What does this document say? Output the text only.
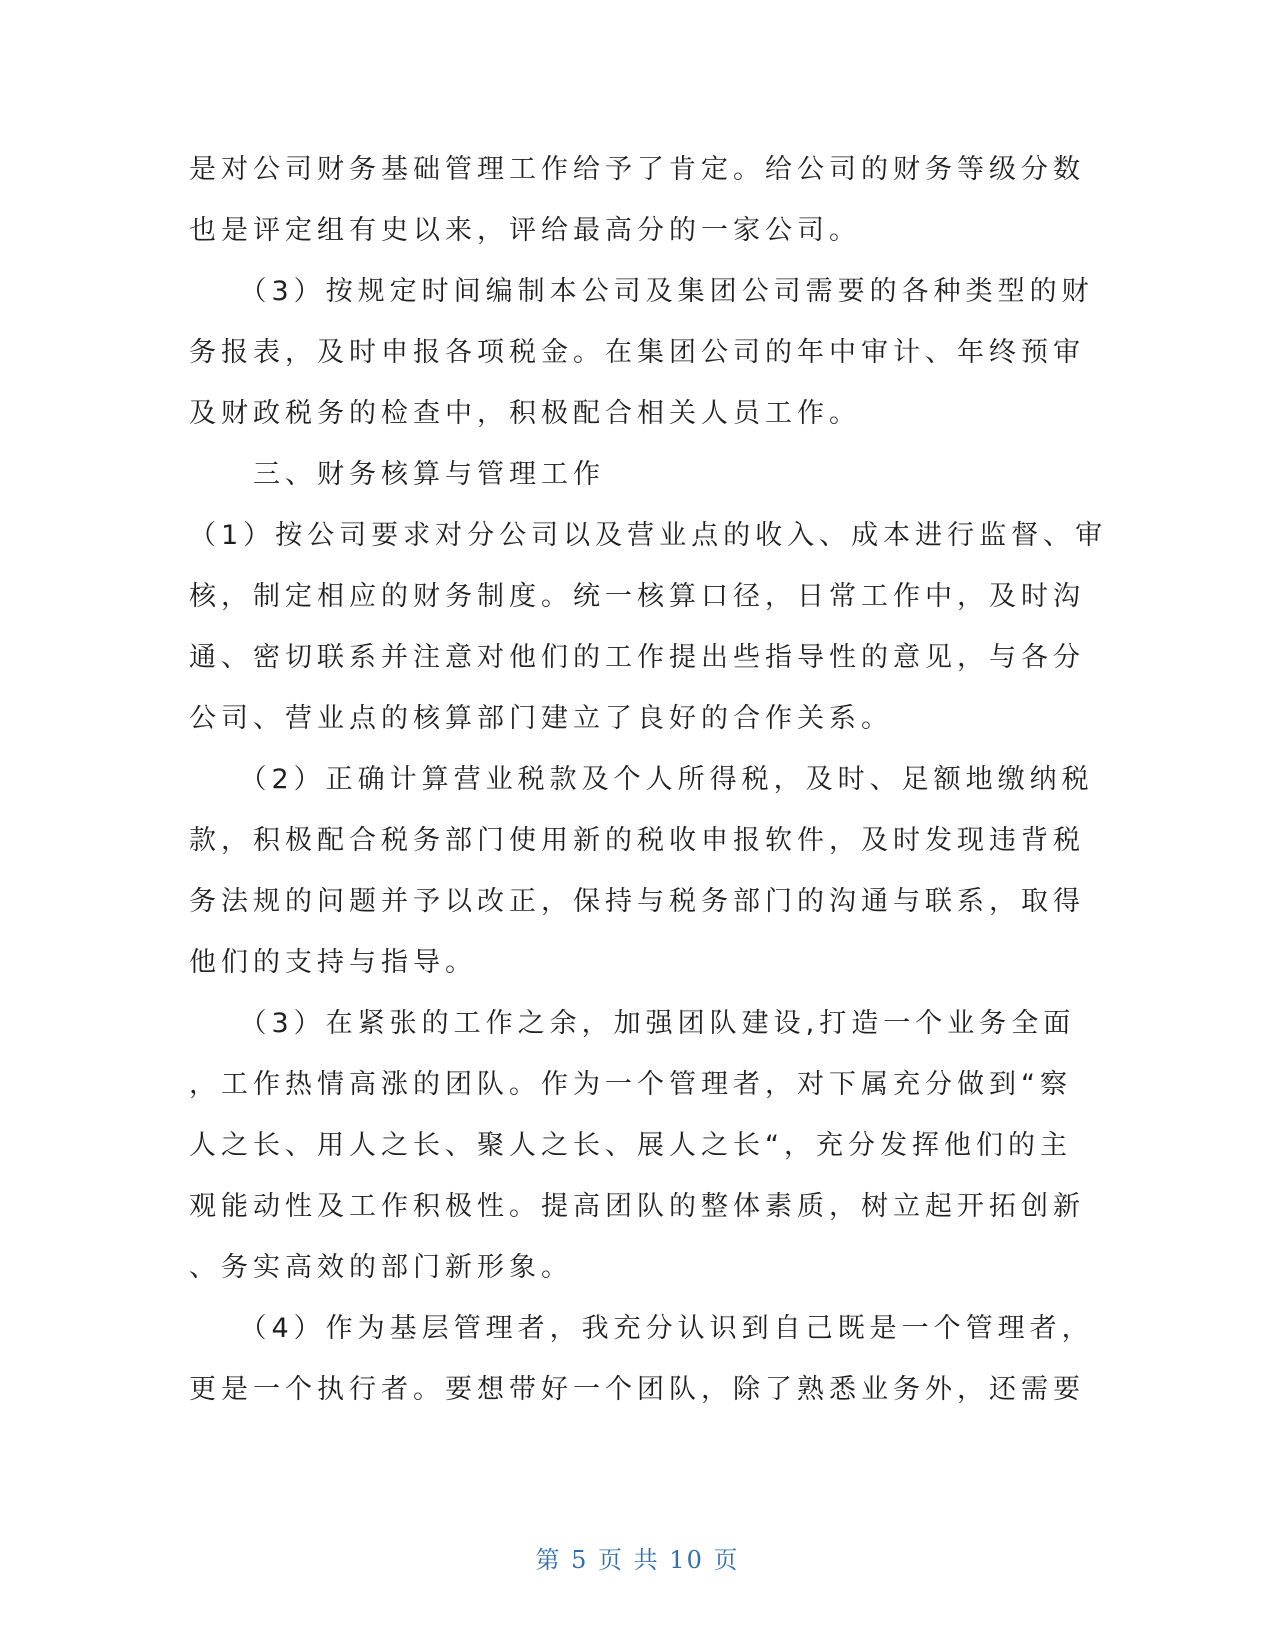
是对公司财务基础管理工作给予了肯定。给公司的财务等级分数
也是评定组有史以来，评给最高分的一家公司。
　　（3）按规定时间编制本公司及集团公司需要的各种类型的财
务报表，及时申报各项税金。在集团公司的年中审计、年终预审
及财政税务的检查中，积极配合相关人员工作。
　　三、财务核算与管理工作
（1）按公司要求对分公司以及营业点的收入、成本进行监督、审
核，制定相应的财务制度。统一核算口径，日常工作中，及时沟
通、密切联系并注意对他们的工作提出些指导性的意见，与各分
公司、营业点的核算部门建立了良好的合作关系。
　　（2）正确计算营业税款及个人所得税，及时、足额地缴纳税
款，积极配合税务部门使用新的税收申报软件，及时发现违背税
务法规的问题并予以改正，保持与税务部门的沟通与联系，取得
他们的支持与指导。
　　（3）在紧张的工作之余，加强团队建设,打造一个业务全面
，工作热情高涨的团队。作为一个管理者，对下属充分做到“察
人之长、用人之长、聚人之长、展人之长“，充分发挥他们的主
观能动性及工作积极性。提高团队的整体素质，树立起开拓创新
、务实高效的部门新形象。
　　（4）作为基层管理者，我充分认识到自己既是一个管理者，
更是一个执行者。要想带好一个团队，除了熟悉业务外，还需要
第 5 页 共 10 页
